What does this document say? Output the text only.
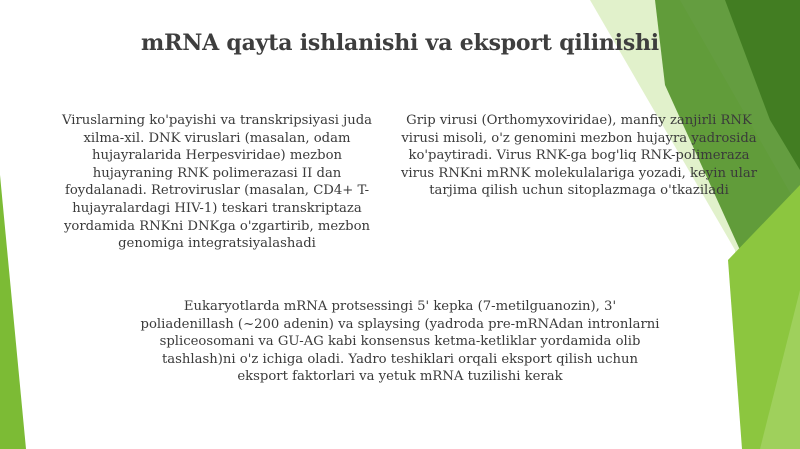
mRNA qayta ishlanishi va eksport qilinishi

Viruslarning ko'payishi va transkripsiyasi juda xilma-xil. DNK viruslari (masalan, odam hujayralarida Herpesviridae) mezbon hujayraning RNK polimerazasi II dan foydalanadi. Retroviruslar (masalan, CD4+ T-hujayralardagi HIV-1) teskari transkriptaza yordamida RNKni DNKga o'zgartirib, mezbon genomiga integratsiyalashadi

Grip virusi (Orthomyxoviridae), manfiy zanjirli RNK virusi misoli, o'z genomini mezbon hujayra yadrosida ko'paytiradi. Virus RNK-ga bog'liq RNK-polimeraza virus RNKni mRNK molekulalariga yozadi, keyin ular tarjima qilish uchun sitoplazmaga o'tkaziladi

Eukaryotlarda mRNA protsessingi 5' kepka (7-metilguanozin), 3' poliadenillash (~200 adenin) va splaysing (yadroda pre-mRNAdan intronlarni spliceosomani va GU-AG kabi konsensus ketma-ketliklar yordamida olib tashlash)ni o'z ichiga oladi. Yadro teshiklari orqali eksport qilish uchun eksport faktorlari va yetuk mRNA tuzilishi kerak
